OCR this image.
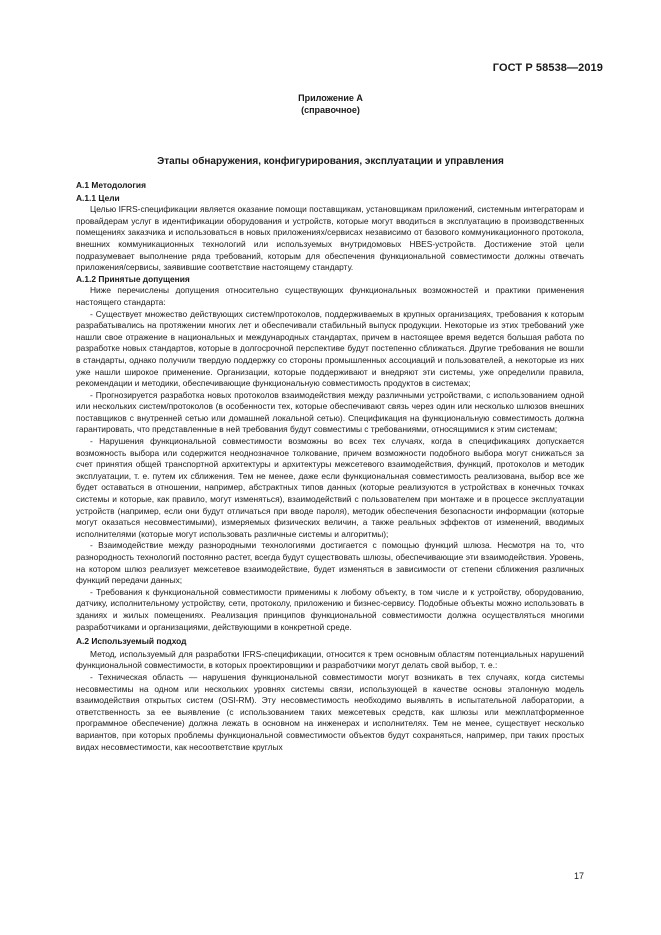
ГОСТ Р 58538—2019
Приложение А
(справочное)
Этапы обнаружения, конфигурирования, эксплуатации и управления

А.1 Методология

А.1.1 Цели

Целью IFRS-спецификации является оказание помощи поставщикам, установщикам приложений, системным интеграторам и провайдерам услуг в идентификации оборудования и устройств, которые могут вводиться в эксплуатацию в производственных помещениях заказчика и использоваться в новых приложениях/сервисах независимо от базового коммуникационного протокола, внешних коммуникационных технологий или используемых внутридомовых HBES-устройств. Достижение этой цели подразумевает выполнение ряда требований, которым для обеспечения функциональной совместимости должны отвечать приложения/сервисы, заявившие соответствие настоящему стандарту.

А.1.2 Принятые допущения

Ниже перечислены допущения относительно существующих функциональных возможностей и практики применения настоящего стандарта:

- Существует множество действующих систем/протоколов, поддерживаемых в крупных организациях, требования к которым разрабатывались на протяжении многих лет и обеспечивали стабильный выпуск продукции. Некоторые из этих требований уже нашли свое отражение в национальных и международных стандартах, причем в настоящее время ведется большая работа по разработке новых стандартов, которые в долгосрочной перспективе будут постепенно сближаться. Другие требования не вошли в стандарты, однако получили твердую поддержку со стороны промышленных ассоциаций и пользователей, а некоторые из них уже нашли широкое применение. Организации, которые поддерживают и внедряют эти системы, уже определили правила, рекомендации и методики, обеспечивающие функциональную совместимость продуктов в системах;

- Прогнозируется разработка новых протоколов взаимодействия между различными устройствами, с использованием одной или нескольких систем/протоколов (в особенности тех, которые обеспечивают связь через один или несколько шлюзов внешних поставщиков с внутренней сетью или домашней локальной сетью). Спецификация на функциональную совместимость должна гарантировать, что представленные в ней требования будут совместимы с требованиями, относящимися к этим системам;

- Нарушения функциональной совместимости возможны во всех тех случаях, когда в спецификациях допускается возможность выбора или содержится неоднозначное толкование, причем возможности подобного выбора могут снижаться за счет принятия общей транспортной архитектуры и архитектуры межсетевого взаимодействия, функций, протоколов и методик эксплуатации, т. е. путем их сближения. Тем не менее, даже если функциональная совместимость реализована, выбор все же будет оставаться в отношении, например, абстрактных типов данных (которые реализуются в устройствах в конечных точках системы и которые, как правило, могут изменяться), взаимодействий с пользователем при монтаже и в процессе эксплуатации устройств (например, если они будут отличаться при вводе пароля), методик обеспечения безопасности информации (которые могут оказаться несовместимыми), измеряемых физических величин, а также реальных эффектов от изменений, вводимых исполнителями (которые могут использовать различные системы и алгоритмы);

- Взаимодействие между разнородными технологиями достигается с помощью функций шлюза. Несмотря на то, что разнородность технологий постоянно растет, всегда будут существовать шлюзы, обеспечивающие эти взаимодействия. Уровень, на котором шлюз реализует межсетевое взаимодействие, будет изменяться в зависимости от степени сближения различных функций передачи данных;

- Требования к функциональной совместимости применимы к любому объекту, в том числе и к устройству, оборудованию, датчику, исполнительному устройству, сети, протоколу, приложению и бизнес-сервису. Подобные объекты можно использовать в зданиях и жилых помещениях. Реализация принципов функциональной совместимости должна осуществляться многими разработчиками и организациями, действующими в конкретной среде.

А.2 Используемый подход

Метод, используемый для разработки IFRS-спецификации, относится к трем основным областям потенциальных нарушений функциональной совместимости, в которых проектировщики и разработчики могут делать свой выбор, т. е.:

- Техническая область — нарушения функциональной совместимости могут возникать в тех случаях, когда системы несовместимы на одном или нескольких уровнях системы связи, использующей в качестве основы эталонную модель взаимодействия открытых систем (OSI-RM). Эту несовместимость необходимо выявлять в испытательной лаборатории, а ответственность за ее выявление (с использованием таких межсетевых средств, как шлюзы или межплатформенное программное обеспечение) должна лежать в основном на инженерах и исполнителях. Тем не менее, существует несколько вариантов, при которых проблемы функциональной совместимости объектов будут сохраняться, например, при таких простых видах несовместимости, как несоответствие круглых

17
